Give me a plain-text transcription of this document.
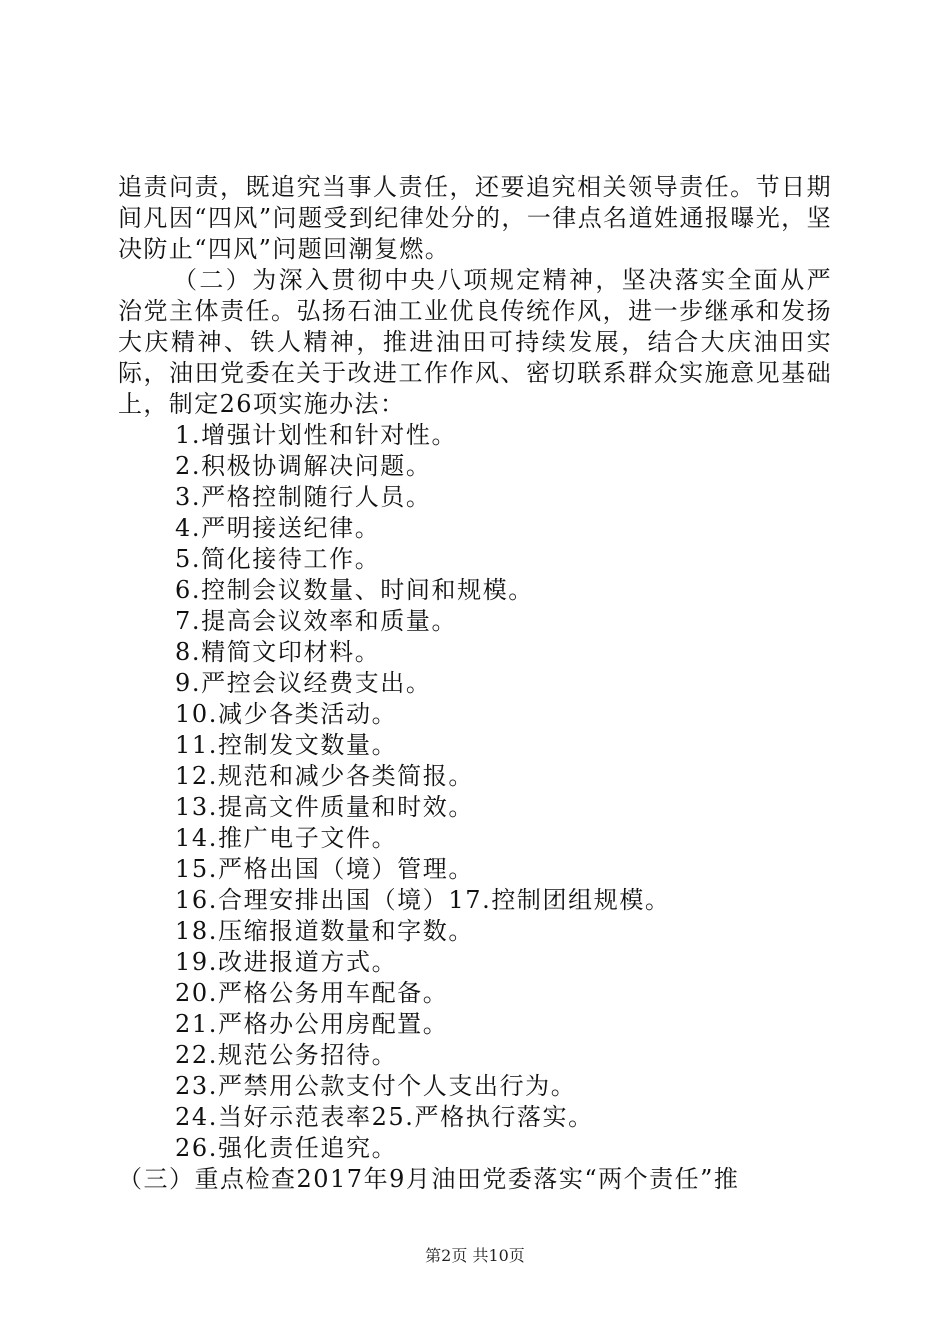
追责问责，既追究当事人责任，还要追究相关领导责任。节日期间凡因“四风”问题受到纪律处分的，一律点名道姓通报曝光，坚决防止“四风”问题回潮复燃。

（二）为深入贯彻中央八项规定精神，坚决落实全面从严治党主体责任。弘扬石油工业优良传统作风，进一步继承和发扬大庆精神、铁人精神，推进油田可持续发展，结合大庆油田实际，油田党委在关于改进工作作风、密切联系群众实施意见基础上，制定26项实施办法：

1.增强计划性和针对性。
2.积极协调解决问题。
3.严格控制随行人员。
4.严明接送纪律。
5.简化接待工作。
6.控制会议数量、时间和规模。
7.提高会议效率和质量。
8.精简文印材料。
9.严控会议经费支出。
10.减少各类活动。
11.控制发文数量。
12.规范和减少各类简报。
13.提高文件质量和时效。
14.推广电子文件。
15.严格出国（境）管理。
16.合理安排出国（境）17.控制团组规模。
18.压缩报道数量和字数。
19.改进报道方式。
20.严格公务用车配备。
21.严格办公用房配置。
22.规范公务招待。
23.严禁用公款支付个人支出行为。
24.当好示范表率25.严格执行落实。
26.强化责任追究。

（三）重点检查2017年9月油田党委落实“两个责任”推

第2页 共10页
